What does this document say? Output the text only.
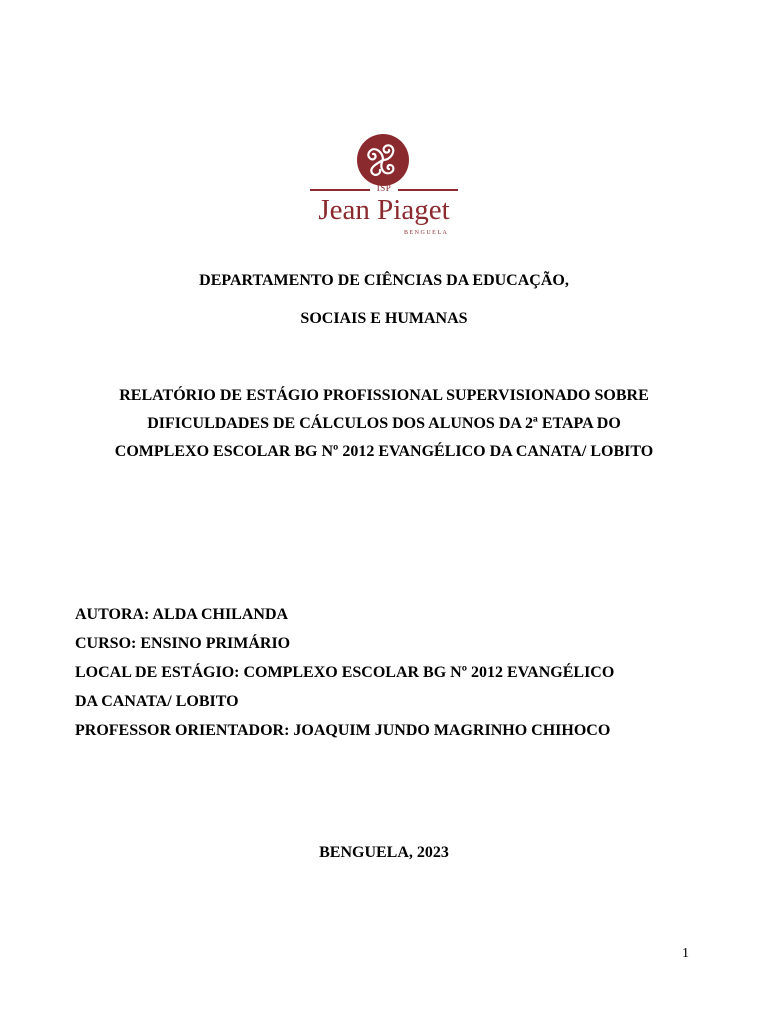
ISP
Jean Piaget
BENGUELA
DEPARTAMENTO DE CIÊNCIAS DA EDUCAÇÃO,
SOCIAIS E HUMANAS
RELATÓRIO DE ESTÁGIO PROFISSIONAL SUPERVISIONADO SOBRE
DIFICULDADES DE CÁLCULOS DOS ALUNOS DA 2ª ETAPA DO
COMPLEXO ESCOLAR BG Nº 2012 EVANGÉLICO DA CANATA/ LOBITO
AUTORA: ALDA CHILANDA
CURSO: ENSINO PRIMÁRIO
LOCAL DE ESTÁGIO: COMPLEXO ESCOLAR BG Nº 2012 EVANGÉLICO
DA CANATA/ LOBITO
PROFESSOR ORIENTADOR: JOAQUIM JUNDO MAGRINHO CHIHOCO
BENGUELA, 2023
1
